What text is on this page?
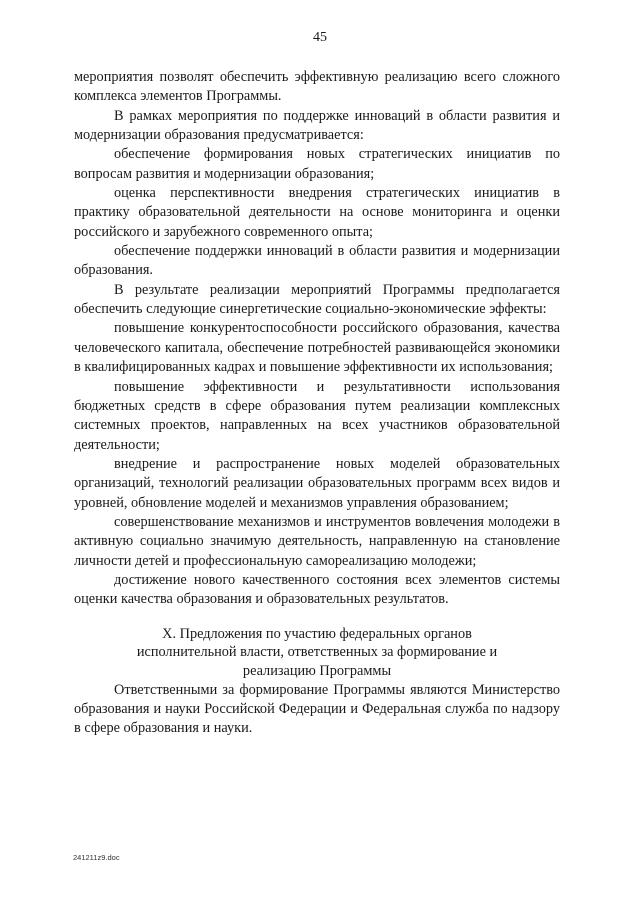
45

мероприятия позволят обеспечить эффективную реализацию всего сложного комплекса элементов Программы.

В рамках мероприятия по поддержке инноваций в области развития и модернизации образования предусматривается:

обеспечение формирования новых стратегических инициатив по вопросам развития и модернизации образования;

оценка перспективности внедрения стратегических инициатив в практику образовательной деятельности на основе мониторинга и оценки российского и зарубежного современного опыта;

обеспечение поддержки инноваций в области развития и модернизации образования.

В результате реализации мероприятий Программы предполагается обеспечить следующие синергетические социально-экономические эффекты:

повышение конкурентоспособности российского образования, качества человеческого капитала, обеспечение потребностей развивающейся экономики в квалифицированных кадрах и повышение эффективности их использования;

повышение эффективности и результативности использования бюджетных средств в сфере образования путем реализации комплексных системных проектов, направленных на всех участников образовательной деятельности;

внедрение и распространение новых моделей образовательных организаций, технологий реализации образовательных программ всех видов и уровней, обновление моделей и механизмов управления образованием;

совершенствование механизмов и инструментов вовлечения молодежи в активную социально значимую деятельность, направленную на становление личности детей и профессиональную самореализацию молодежи;

достижение нового качественного состояния всех элементов системы оценки качества образования и образовательных результатов.

X. Предложения по участию федеральных органов исполнительной власти, ответственных за формирование и реализацию Программы

Ответственными за формирование Программы являются Министерство образования и науки Российской Федерации и Федеральная служба по надзору в сфере образования и науки.

241211z9.doc
